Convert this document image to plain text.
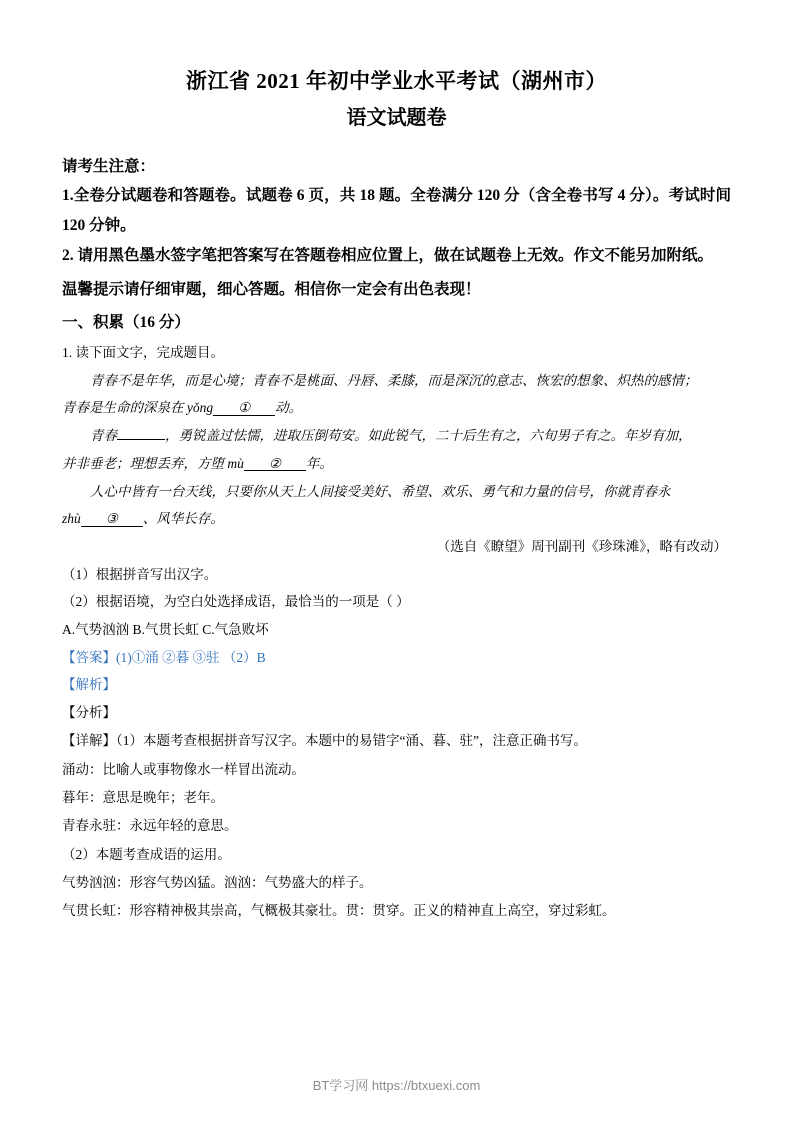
浙江省 2021 年初中学业水平考试（湖州市）
语文试题卷
请考生注意：
1.全卷分试题卷和答题卷。试题卷 6 页，共 18 题。全卷满分 120 分（含全卷书写 4 分）。考试时间 120 分钟。
2. 请用黑色墨水签字笔把答案写在答题卷相应位置上，做在试题卷上无效。作文不能另加附纸。
温馨提示请仔细审题，细心答题。相信你一定会有出色表现！
一、积累（16 分）
1. 读下面文字，完成题目。
青春不是年华，而是心境；青春不是桃面、丹唇、柔膝，而是深沉的意志、恢宏的想象、炽热的感情；
青春是生命的深泉在 yǒng ① 动。
青春	，勇锐盖过怯懦，进取压倒苟安。如此锐气，二十后生有之，六旬男子有之。年岁有加，
并非垂老；理想丢弃，方堕 mù ② 年。
人心中皆有一台天线，只要你从天上人间接受美好、希望、欢乐、勇气和力量的信号，你就青春永
zhù ③ 、风华长存。
（选自《瞭望》周刊副刊《珍珠滩》，略有改动）
（1）根据拼音写出汉字。
（2）根据语境，为空白处选择成语，最恰当的一项是（ ）
A.气势汹汹 B.气贯长虹 C.气急败坏
【答案】(1)①涌 ②暮 ③驻 （2）B
【解析】
【分析】
【详解】（1）本题考查根据拼音写汉字。本题中的易错字“涌、暮、驻”，注意正确书写。
涌动：比喻人或事物像水一样冒出流动。
暮年：意思是晚年；老年。
青春永驻：永远年轻的意思。
（2）本题考查成语的运用。
气势汹汹：形容气势凶猛。汹汹：气势盛大的样子。
气贯长虹：形容精神极其崇高，气概极其豪壮。贯：贯穿。正义的精神直上高空，穿过彩虹。
BT学习网 https://btxuexi.com
